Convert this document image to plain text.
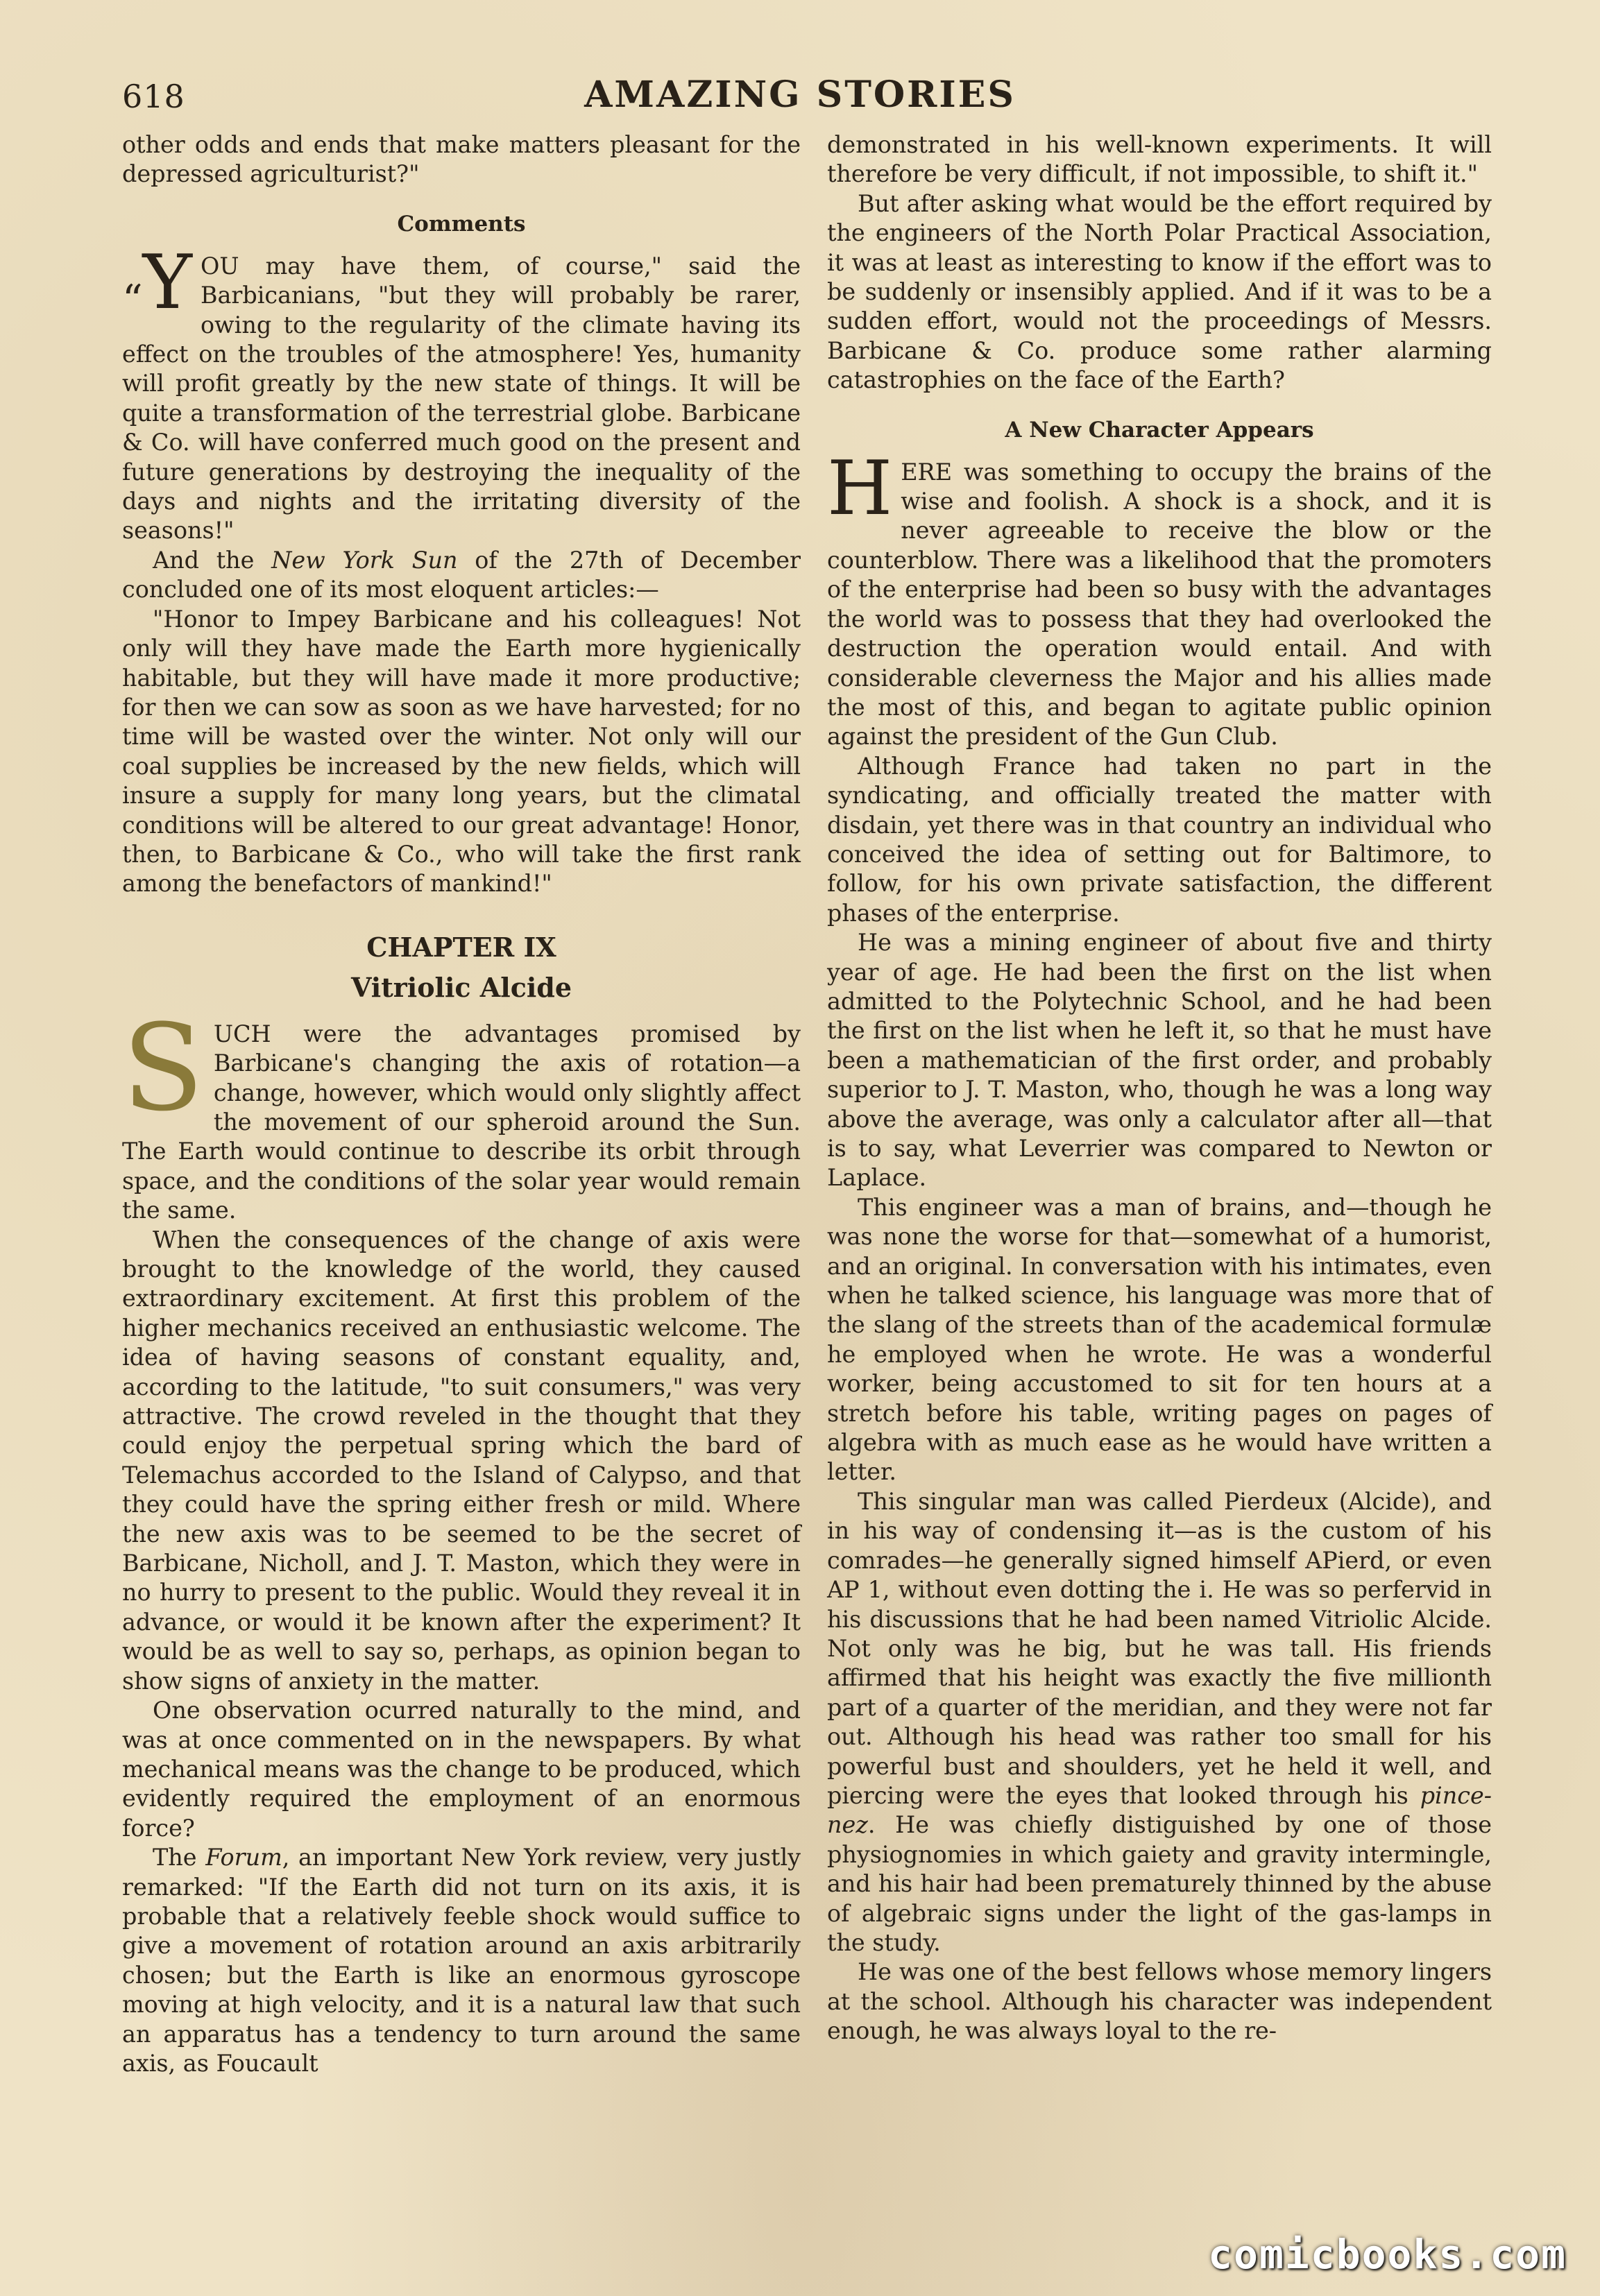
618	AMAZING STORIES

other odds and ends that make matters pleasant for the depressed agriculturist?"

Comments

“Y OU may have them, of course," said the Barbicanians, "but they will probably be rarer, owing to the regularity of the climate having its effect on the troubles of the atmosphere! Yes, humanity will profit greatly by the new state of things. It will be quite a transformation of the terrestrial globe. Barbicane & Co. will have conferred much good on the present and future generations by destroying the inequality of the days and nights and the irritating diversity of the seasons!"

And the New York Sun of the 27th of December concluded one of its most eloquent articles:—

"Honor to Impey Barbicane and his colleagues! Not only will they have made the Earth more hygienically habitable, but they will have made it more productive; for then we can sow as soon as we have harvested; for no time will be wasted over the winter. Not only will our coal supplies be increased by the new fields, which will insure a supply for many long years, but the climatal conditions will be altered to our great advantage! Honor, then, to Barbicane & Co., who will take the first rank among the benefactors of mankind!"

CHAPTER IX
Vitriolic Alcide

SUCH were the advantages promised by Barbicane's changing the axis of rotation—a change, however, which would only slightly affect the movement of our spheroid around the Sun. The Earth would continue to describe its orbit through space, and the conditions of the solar year would remain the same.

When the consequences of the change of axis were brought to the knowledge of the world, they caused extraordinary excitement. At first this problem of the higher mechanics received an enthusiastic welcome. The idea of having seasons of constant equality, and, according to the latitude, "to suit consumers," was very attractive. The crowd reveled in the thought that they could enjoy the perpetual spring which the bard of Telemachus accorded to the Island of Calypso, and that they could have the spring either fresh or mild. Where the new axis was to be seemed to be the secret of Barbicane, Nicholl, and J. T. Maston, which they were in no hurry to present to the public. Would they reveal it in advance, or would it be known after the experiment? It would be as well to say so, perhaps, as opinion began to show signs of anxiety in the matter.

One observation ocurred naturally to the mind, and was at once commented on in the newspapers. By what mechanical means was the change to be produced, which evidently required the employment of an enormous force?

The Forum, an important New York review, very justly remarked: "If the Earth did not turn on its axis, it is probable that a relatively feeble shock would suffice to give a movement of rotation around an axis arbitrarily chosen; but the Earth is like an enormous gyroscope moving at high velocity, and it is a natural law that such an apparatus has a tendency to turn around the same axis, as Foucault

demonstrated in his well-known experiments. It will therefore be very difficult, if not impossible, to shift it."

But after asking what would be the effort required by the engineers of the North Polar Practical Association, it was at least as interesting to know if the effort was to be suddenly or insensibly applied. And if it was to be a sudden effort, would not the proceedings of Messrs. Barbicane & Co. produce some rather alarming catastrophies on the face of the Earth?

A New Character Appears

HERE was something to occupy the brains of the wise and foolish. A shock is a shock, and it is never agreeable to receive the blow or the counterblow. There was a likelihood that the promoters of the enterprise had been so busy with the advantages the world was to possess that they had overlooked the destruction the operation would entail. And with considerable cleverness the Major and his allies made the most of this, and began to agitate public opinion against the president of the Gun Club.

Although France had taken no part in the syndicating, and officially treated the matter with disdain, yet there was in that country an individual who conceived the idea of setting out for Baltimore, to follow, for his own private satisfaction, the different phases of the enterprise.

He was a mining engineer of about five and thirty year of age. He had been the first on the list when admitted to the Polytechnic School, and he had been the first on the list when he left it, so that he must have been a mathematician of the first order, and probably superior to J. T. Maston, who, though he was a long way above the average, was only a calculator after all—that is to say, what Leverrier was compared to Newton or Laplace.

This engineer was a man of brains, and—though he was none the worse for that—somewhat of a humorist, and an original. In conversation with his intimates, even when he talked science, his language was more that of the slang of the streets than of the academical formulæ he employed when he wrote. He was a wonderful worker, being accustomed to sit for ten hours at a stretch before his table, writing pages on pages of algebra with as much ease as he would have written a letter.

This singular man was called Pierdeux (Alcide), and in his way of condensing it—as is the custom of his comrades—he generally signed himself APierd, or even AP 1, without even dotting the i. He was so perfervid in his discussions that he had been named Vitriolic Alcide. Not only was he big, but he was tall. His friends affirmed that his height was exactly the five millionth part of a quarter of the meridian, and they were not far out. Although his head was rather too small for his powerful bust and shoulders, yet he held it well, and piercing were the eyes that looked through his pince-nez. He was chiefly distiguished by one of those physiognomies in which gaiety and gravity intermingle, and his hair had been prematurely thinned by the abuse of algebraic signs under the light of the gas-lamps in the study.

He was one of the best fellows whose memory lingers at the school. Although his character was independent enough, he was always loyal to the re-

comicbooks.com
